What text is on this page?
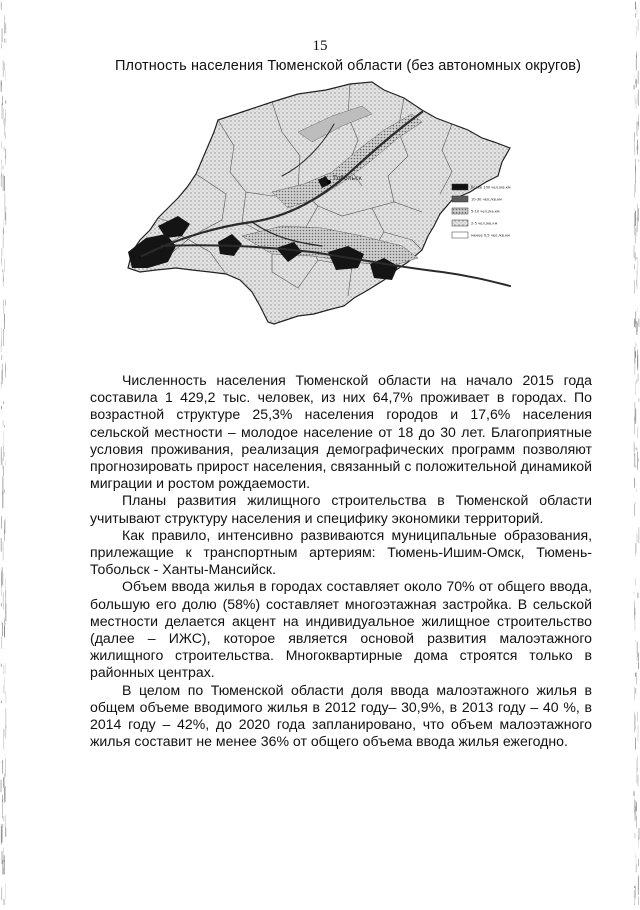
15
Плотность населения Тюменской области (без автономных округов)
Тобольск
более 100 чел./кв.км
10-30 чел./кв.км
5-10 чел./кв.км
2-5 чел./кв.км
менее 0,5 чел./кв.км

Численность населения Тюменской области на начало 2015 года составила 1 429,2 тыс. человек, из них 64,7% проживает в городах. По возрастной структуре 25,3% населения городов и 17,6% населения сельской местности – молодое население от 18 до 30 лет. Благоприятные условия проживания, реализация демографических программ позволяют прогнозировать прирост населения, связанный с положительной динамикой миграции и ростом рождаемости.

Планы развития жилищного строительства в Тюменской области учитывают структуру населения и специфику экономики территорий.

Как правило, интенсивно развиваются муниципальные образования, прилежащие к транспортным артериям: Тюмень-Ишим-Омск, Тюмень-Тобольск - Ханты-Мансийск.

Объем ввода жилья в городах составляет около 70% от общего ввода, большую его долю (58%) составляет многоэтажная застройка. В сельской местности делается акцент на индивидуальное жилищное строительство (далее – ИЖС), которое является основой развития малоэтажного жилищного строительства. Многоквартирные дома строятся только в районных центрах.

В целом по Тюменской области доля ввода малоэтажного жилья в общем объеме вводимого жилья в 2012 году– 30,9%, в 2013 году – 40 %, в 2014 году – 42%, до 2020 года запланировано, что объем малоэтажного жилья составит не менее 36% от общего объема ввода жилья ежегодно.
